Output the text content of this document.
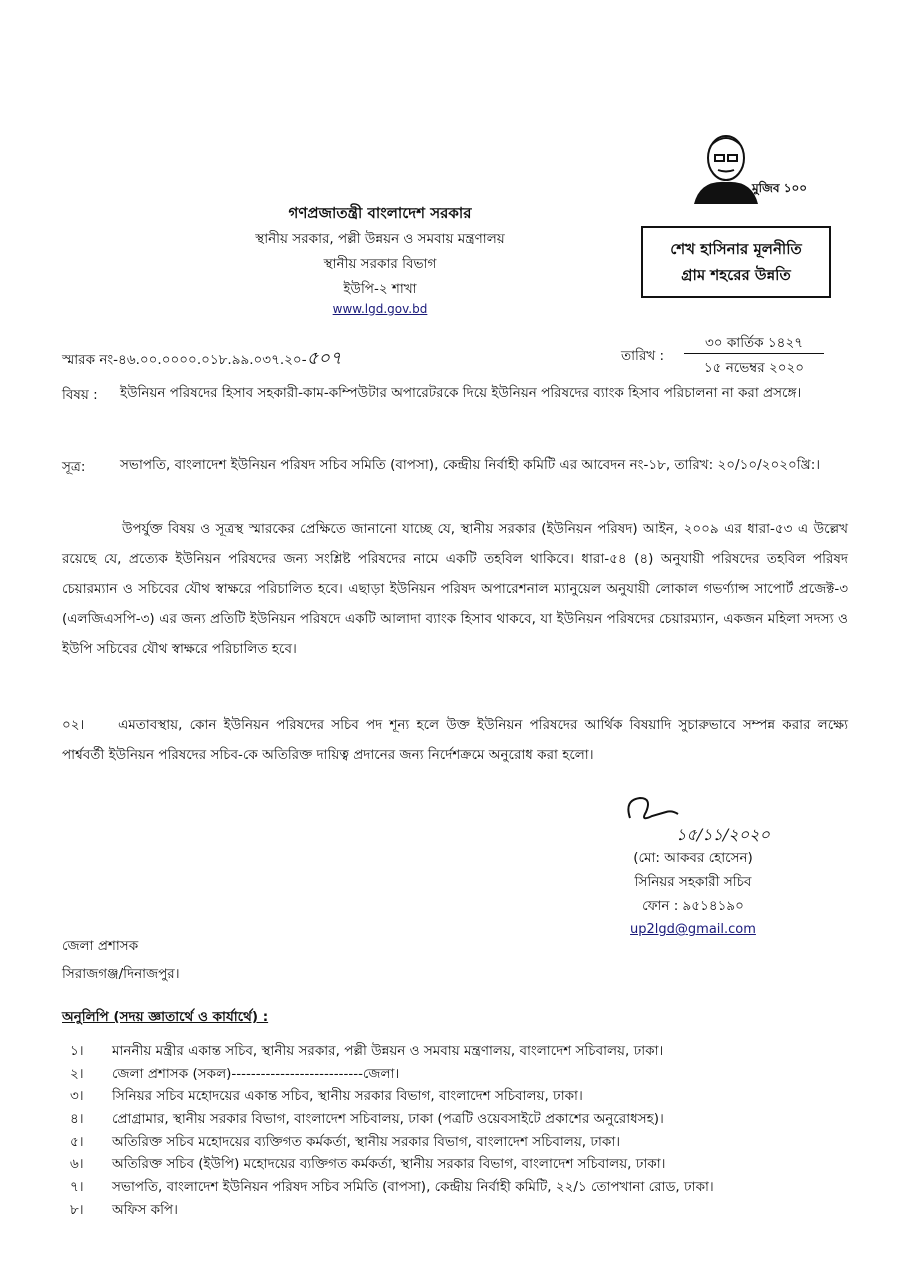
মুজিব ১০০
গণপ্রজাতন্ত্রী বাংলাদেশ সরকার
স্থানীয় সরকার, পল্লী উন্নয়ন ও সমবায় মন্ত্রণালয়
স্থানীয় সরকার বিভাগ
ইউপি-২ শাখা
www.lgd.gov.bd
শেখ হাসিনার মূলনীতি
গ্রাম শহরের উন্নতি
স্মারক নং-৪৬.০০.০০০০.০১৮.৯৯.০৩৭.২০-৫০৭	তারিখ :
৩০ কার্তিক ১৪২৭
১৫ নভেম্বর ২০২০
বিষয় : ইউনিয়ন পরিষদের হিসাব সহকারী-কাম-কম্পিউটার অপারেটরকে দিয়ে ইউনিয়ন পরিষদের ব্যাংক হিসাব পরিচালনা না করা প্রসঙ্গে।
সূত্র:	সভাপতি, বাংলাদেশ ইউনিয়ন পরিষদ সচিব সমিতি (বাপসা), কেন্দ্রীয় নির্বাহী কমিটি এর আবেদন নং-১৮, তারিখ: ২০/১০/২০২০খ্রি:।

উপর্যুক্ত বিষয় ও সূত্রস্থ স্মারকের প্রেক্ষিতে জানানো যাচ্ছে যে, স্থানীয় সরকার (ইউনিয়ন পরিষদ) আইন, ২০০৯ এর ধারা-৫৩ এ উল্লেখ রয়েছে যে, প্রত্যেক ইউনিয়ন পরিষদের জন্য সংশ্লিষ্ট পরিষদের নামে একটি তহবিল থাকিবে। ধারা-৫৪ (৪) অনুযায়ী পরিষদের তহবিল পরিষদ চেয়ারম্যান ও সচিবের যৌথ স্বাক্ষরে পরিচালিত হবে। এছাড়া ইউনিয়ন পরিষদ অপারেশনাল ম্যানুয়েল অনুযায়ী লোকাল গভর্ণ্যান্স সাপোর্ট প্রজেক্ট-৩ (এলজিএসপি-৩) এর জন্য প্রতিটি ইউনিয়ন পরিষদে একটি আলাদা ব্যাংক হিসাব থাকবে, যা ইউনিয়ন পরিষদের চেয়ারম্যান, একজন মহিলা সদস্য ও ইউপি সচিবের যৌথ স্বাক্ষরে পরিচালিত হবে।

০২। এমতাবস্থায়, কোন ইউনিয়ন পরিষদের সচিব পদ শূন্য হলে উক্ত ইউনিয়ন পরিষদের আর্থিক বিষয়াদি সুচারুভাবে সম্পন্ন করার লক্ষ্যে পার্শ্ববর্তী ইউনিয়ন পরিষদের সচিব-কে অতিরিক্ত দায়িত্ব প্রদানের জন্য নির্দেশক্রমে অনুরোধ করা হলো।

১৫/১১/২০২০
(মো: আকবর হোসেন)
সিনিয়র সহকারী সচিব
ফোন : ৯৫১৪১৯০
up2lgd@gmail.com
জেলা প্রশাসক
সিরাজগঞ্জ/দিনাজপুর।
অনুলিপি (সদয় জ্ঞাতার্থে ও কার্যার্থে) :
১।	মাননীয় মন্ত্রীর একান্ত সচিব, স্থানীয় সরকার, পল্লী উন্নয়ন ও সমবায় মন্ত্রণালয়, বাংলাদেশ সচিবালয়, ঢাকা।
২।	জেলা প্রশাসক (সকল)---------------------------জেলা।
৩।	সিনিয়র সচিব মহোদয়ের একান্ত সচিব, স্থানীয় সরকার বিভাগ, বাংলাদেশ সচিবালয়, ঢাকা।
৪।	প্রোগ্রামার, স্থানীয় সরকার বিভাগ, বাংলাদেশ সচিবালয়, ঢাকা (পত্রটি ওয়েবসাইটে প্রকাশের অনুরোধসহ)।
৫।	অতিরিক্ত সচিব মহোদয়ের ব্যক্তিগত কর্মকর্তা, স্থানীয় সরকার বিভাগ, বাংলাদেশ সচিবালয়, ঢাকা।
৬।	অতিরিক্ত সচিব (ইউপি) মহোদয়ের ব্যক্তিগত কর্মকর্তা, স্থানীয় সরকার বিভাগ, বাংলাদেশ সচিবালয়, ঢাকা।
৭।	সভাপতি, বাংলাদেশ ইউনিয়ন পরিষদ সচিব সমিতি (বাপসা), কেন্দ্রীয় নির্বাহী কমিটি, ২২/১ তোপখানা রোড, ঢাকা।
৮।	অফিস কপি।
